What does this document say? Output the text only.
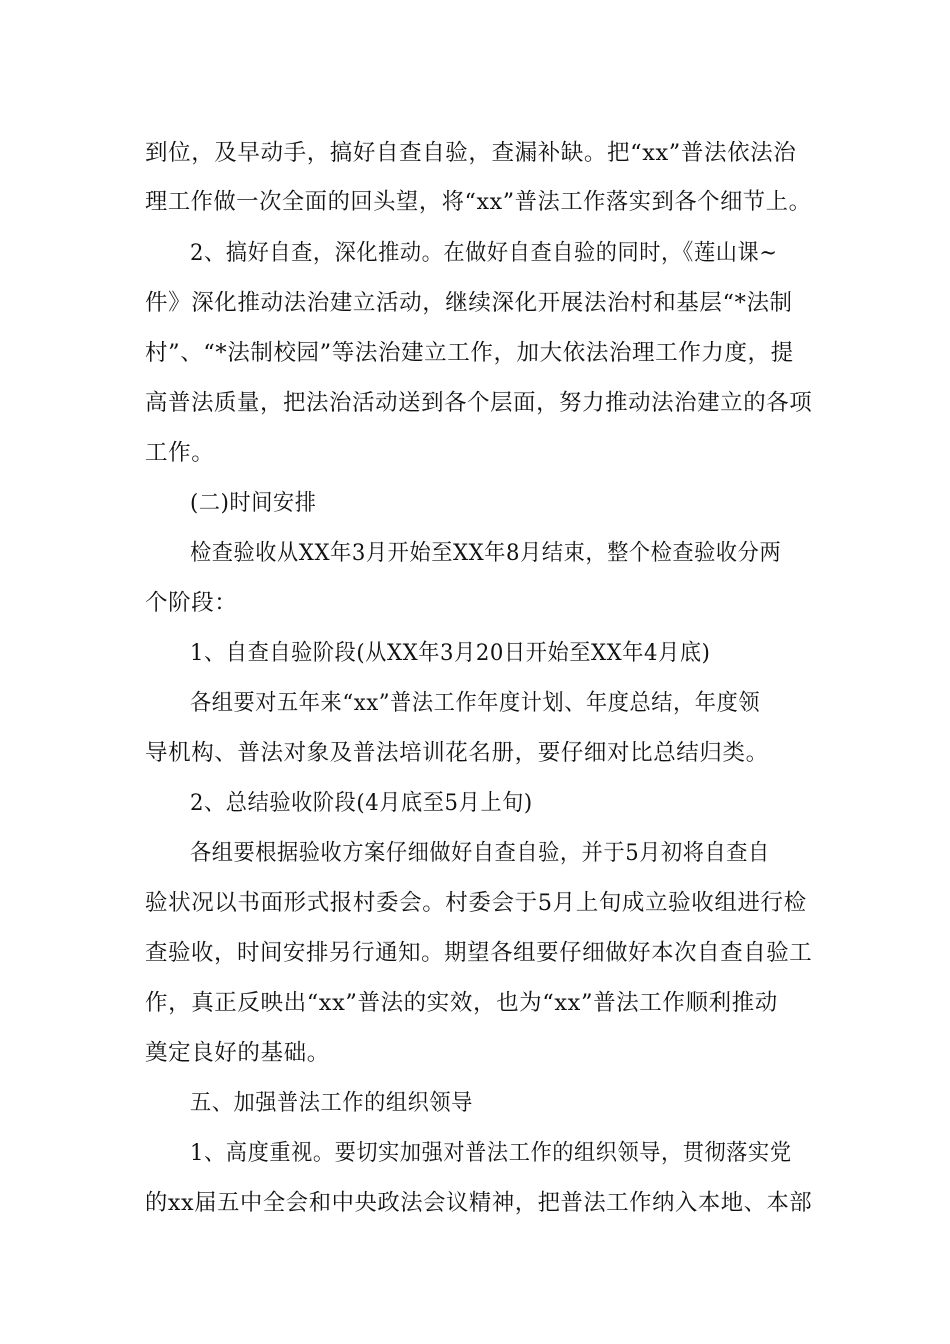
到位，及早动手，搞好自查自验，查漏补缺。把“xx”普法依法治
理工作做一次全面的回头望，将“xx”普法工作落实到各个细节上。
2、搞好自查，深化推动。在做好自查自验的同时，《莲山课~
件》深化推动法治建立活动，继续深化开展法治村和基层“*法制
村”、“*法制校园”等法治建立工作，加大依法治理工作力度，提
高普法质量，把法治活动送到各个层面，努力推动法治建立的各项
工作。
(二)时间安排
检查验收从XX年3月开始至XX年8月结束，整个检查验收分两
个阶段：
1、自查自验阶段(从XX年3月20日开始至XX年4月底)
各组要对五年来“xx”普法工作年度计划、年度总结，年度领
导机构、普法对象及普法培训花名册，要仔细对比总结归类。
2、总结验收阶段(4月底至5月上旬)
各组要根据验收方案仔细做好自查自验，并于5月初将自查自
验状况以书面形式报村委会。村委会于5月上旬成立验收组进行检
查验收，时间安排另行通知。期望各组要仔细做好本次自查自验工
作，真正反映出“xx”普法的实效，也为“xx”普法工作顺利推动
奠定良好的基础。
五、加强普法工作的组织领导
1、高度重视。要切实加强对普法工作的组织领导，贯彻落实党
的xx届五中全会和中央政法会议精神，把普法工作纳入本地、本部
